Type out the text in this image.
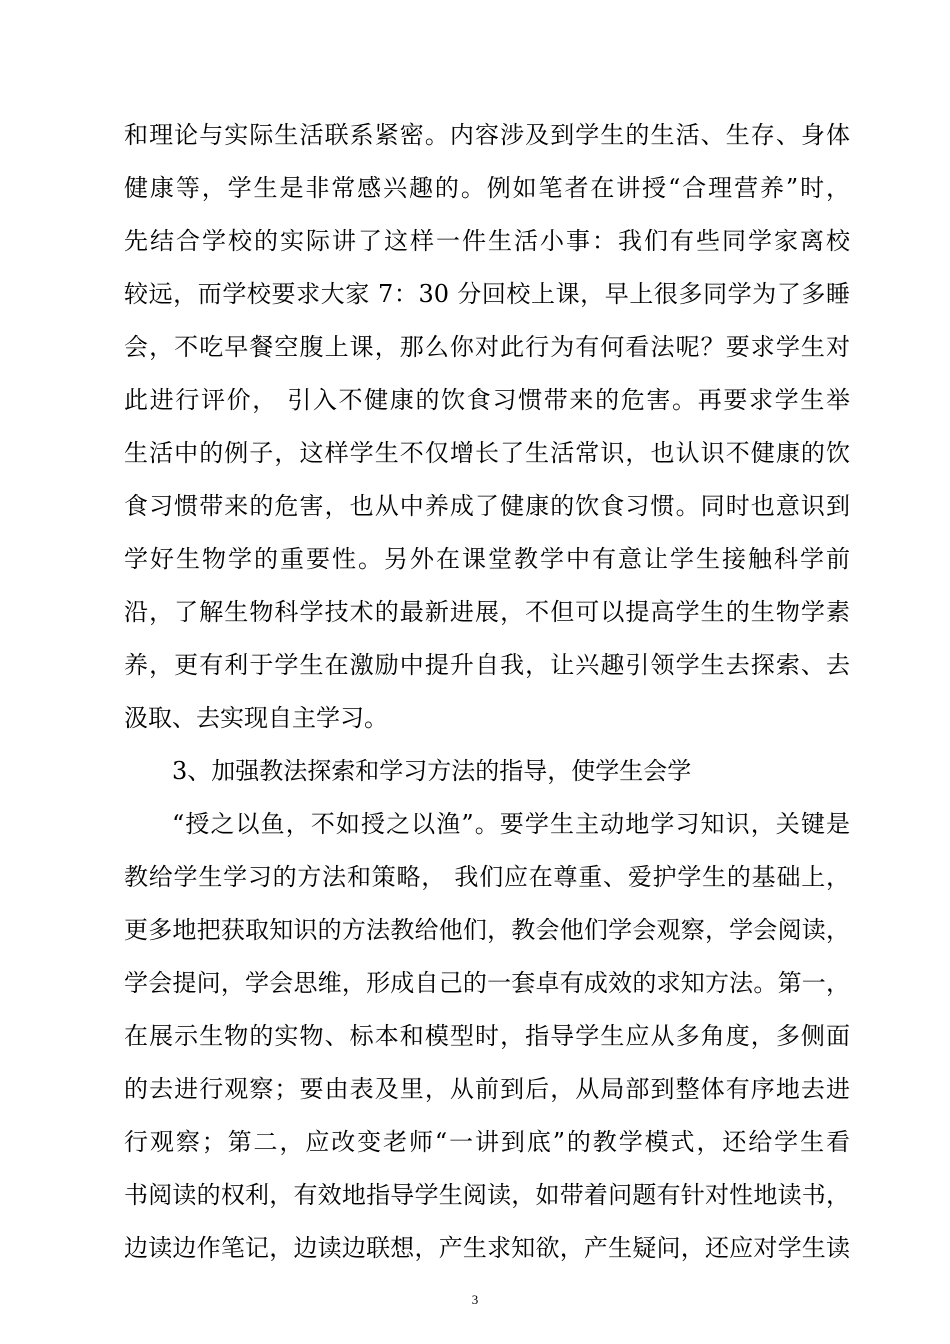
和理论与实际生活联系紧密。内容涉及到学生的生活、生存、身体
健康等，学生是非常感兴趣的。例如笔者在讲授“合理营养”时，
先结合学校的实际讲了这样一件生活小事：我们有些同学家离校
较远，而学校要求大家 7：30 分回校上课，早上很多同学为了多睡
会，不吃早餐空腹上课，那么你对此行为有何看法呢？要求学生对
此进行评价， 引入不健康的饮食习惯带来的危害。再要求学生举
生活中的例子，这样学生不仅增长了生活常识，也认识不健康的饮
食习惯带来的危害，也从中养成了健康的饮食习惯。同时也意识到
学好生物学的重要性。另外在课堂教学中有意让学生接触科学前
沿，了解生物科学技术的最新进展，不但可以提高学生的生物学素
养，更有利于学生在激励中提升自我，让兴趣引领学生去探索、去
汲取、去实现自主学习。
3、加强教法探索和学习方法的指导，使学生会学
“授之以鱼，不如授之以渔”。要学生主动地学习知识，关键是
教给学生学习的方法和策略， 我们应在尊重、爱护学生的基础上，
更多地把获取知识的方法教给他们，教会他们学会观察，学会阅读，
学会提问，学会思维，形成自己的一套卓有成效的求知方法。第一，
在展示生物的实物、标本和模型时，指导学生应从多角度，多侧面
的去进行观察；要由表及里，从前到后，从局部到整体有序地去进
行观察；第二，应改变老师“一讲到底”的教学模式，还给学生看
书阅读的权利，有效地指导学生阅读，如带着问题有针对性地读书，
边读边作笔记，边读边联想，产生求知欲，产生疑问，还应对学生读
3
